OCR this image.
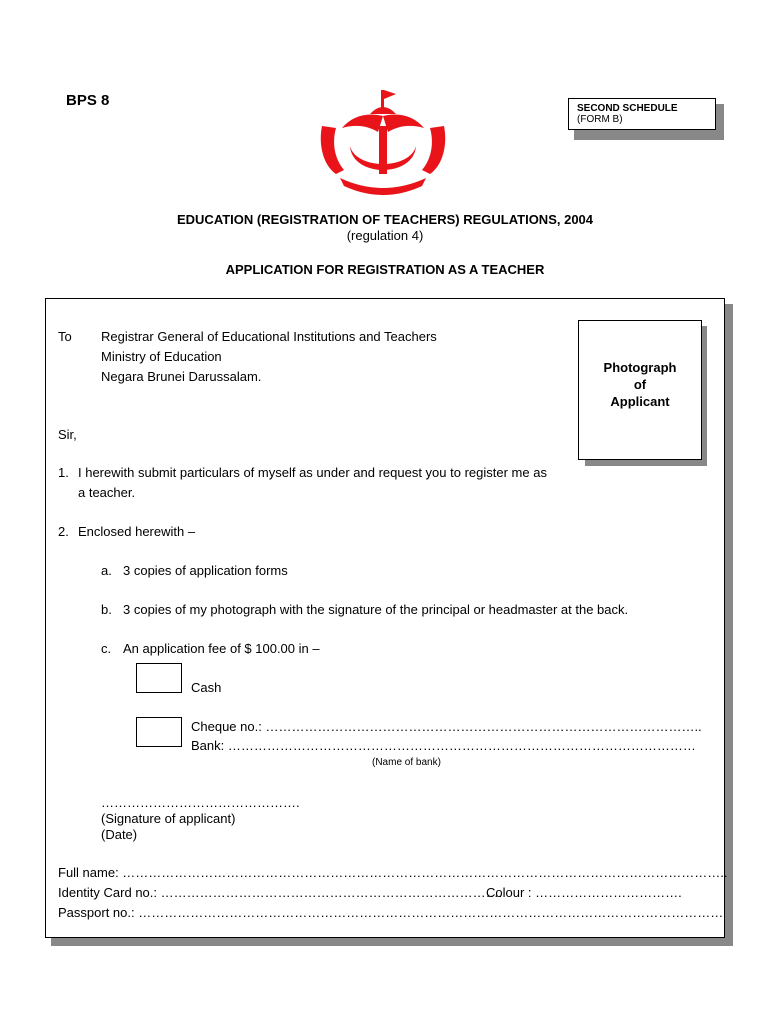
BPS 8	SECOND SCHEDULE
(FORM B)
EDUCATION (REGISTRATION OF TEACHERS) REGULATIONS, 2004
(regulation 4)
APPLICATION FOR REGISTRATION AS A TEACHER
To Registrar General of Educational Institutions and Teachers
Ministry of Education
Negara Brunei Darussalam.
Sir,
1. I herewith submit particulars of myself as under and request you to register me as
a teacher.
2. Enclosed herewith –
a. 3 copies of application forms
b. 3 copies of my photograph with the signature of the principal or headmaster at the back.
c. An application fee of $ 100.00 in –
Cash
Cheque no.: ………………………………………………………………………………………..
Bank: ………………………………………………………………………………………………
(Name of bank)
……………………………………….
(Signature of applicant)
(Date)
Full name: …………………………………………………………………………………………………………………………..
Identity Card no.: …………………………………………………………………….
Colour : …………………………….
Passport no.: ………………………………………………………………………………………………………………………
Photograph
of
Applicant
